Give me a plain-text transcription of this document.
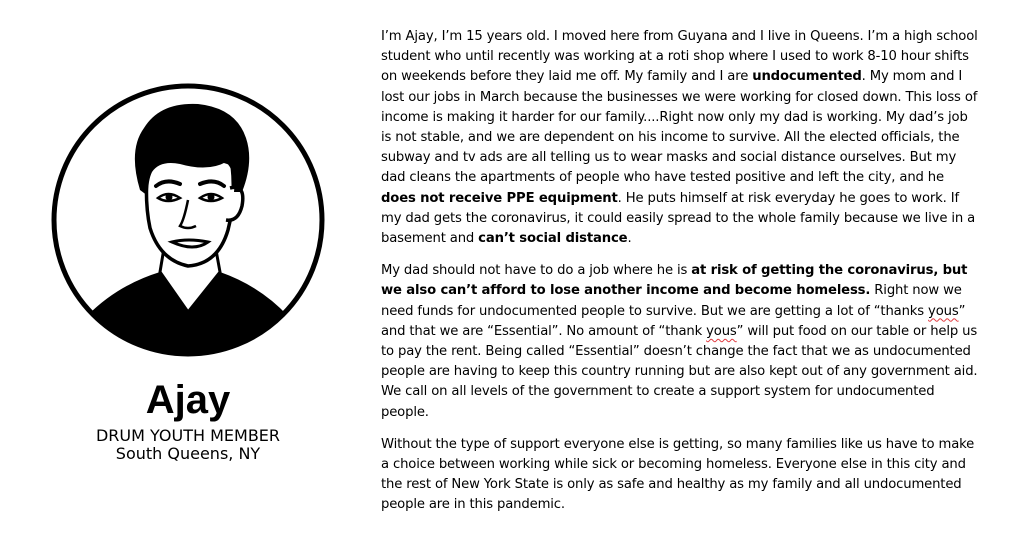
Ajay
DRUM YOUTH MEMBER
South Queens, NY

I’m Ajay, I’m 15 years old. I moved here from Guyana and I live in Queens. I’m a high school student who until recently was working at a roti shop where I used to work 8-10 hour shifts on weekends before they laid me off. My family and I are undocumented. My mom and I lost our jobs in March because the businesses we were working for closed down. This loss of income is making it harder for our family....Right now only my dad is working. My dad’s job is not stable, and we are dependent on his income to survive. All the elected officials, the subway and tv ads are all telling us to wear masks and social distance ourselves. But my dad cleans the apartments of people who have tested positive and left the city, and he does not receive PPE equipment. He puts himself at risk everyday he goes to work. If my dad gets the coronavirus, it could easily spread to the whole family because we live in a basement and can’t social distance.

My dad should not have to do a job where he is at risk of getting the coronavirus, but we also can’t afford to lose another income and become homeless. Right now we need funds for undocumented people to survive. But we are getting a lot of “thanks yous” and that we are “Essential”. No amount of “thank yous” will put food on our table or help us to pay the rent. Being called “Essential” doesn’t change the fact that we as undocumented people are having to keep this country running but are also kept out of any government aid. We call on all levels of the government to create a support system for undocumented people.

Without the type of support everyone else is getting, so many families like us have to make a choice between working while sick or becoming homeless. Everyone else in this city and the rest of New York State is only as safe and healthy as my family and all undocumented people are in this pandemic.
